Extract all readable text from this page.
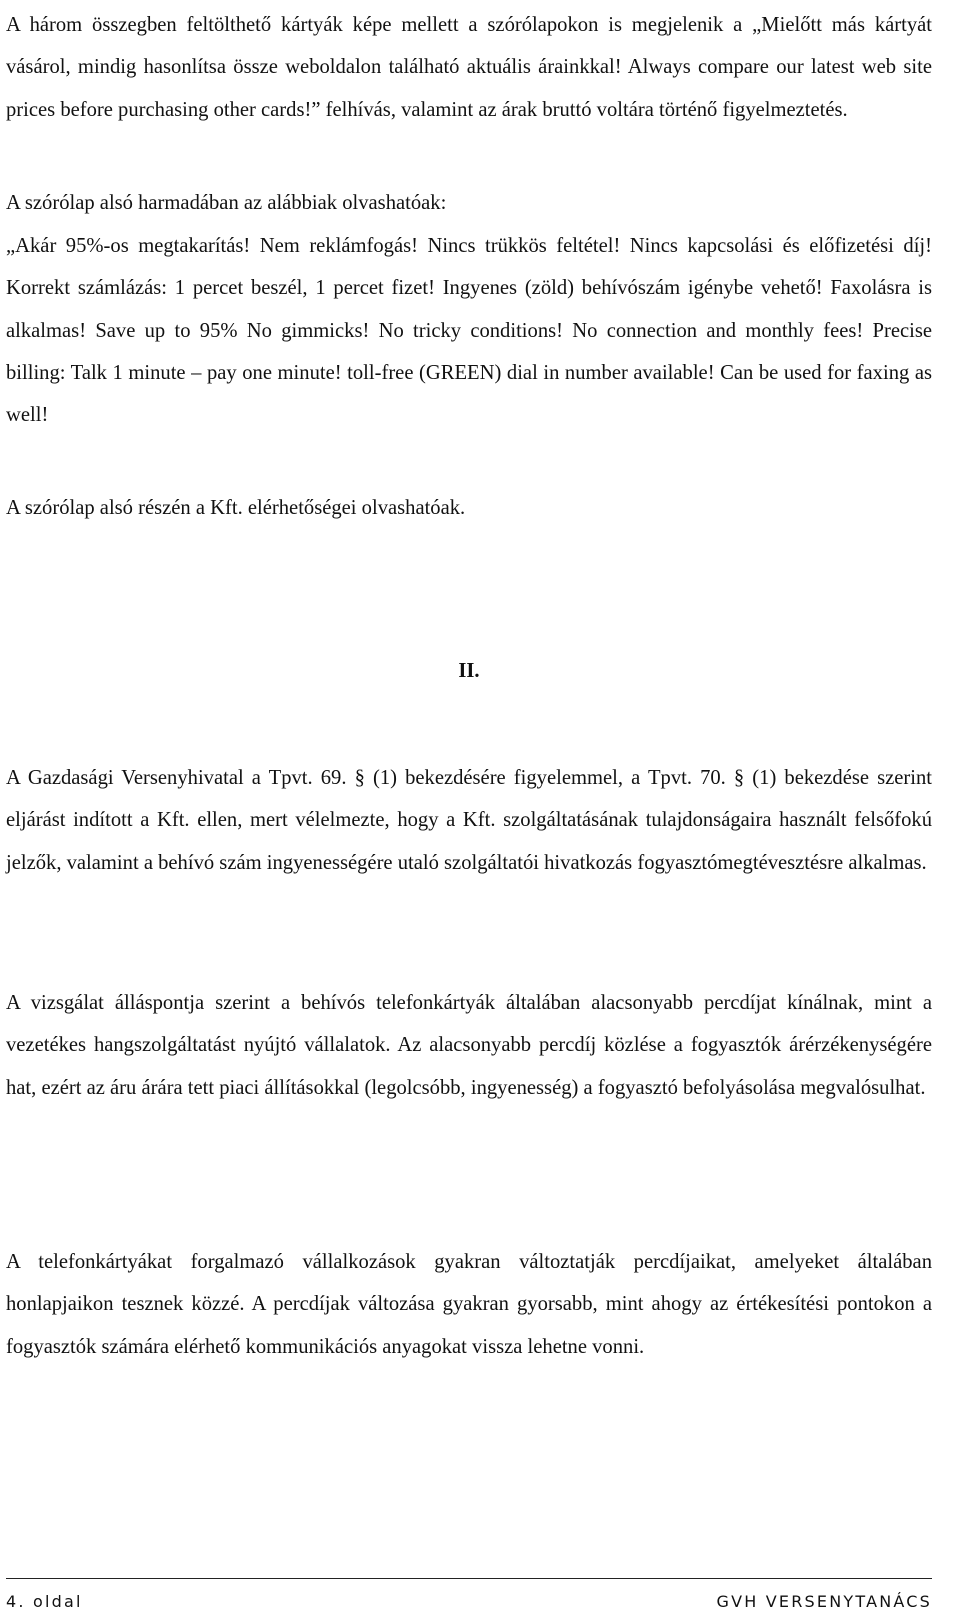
A három összegben feltölthető kártyák képe mellett a szórólapokon is megjelenik a „Mielőtt más kártyát vásárol, mindig hasonlítsa össze weboldalon található aktuális árainkkal! Always compare our latest web site prices before purchasing other cards!” felhívás, valamint az árak bruttó voltára történő figyelmeztetés.

A szórólap alsó harmadában az alábbiak olvashatóak:

„Akár 95%-os megtakarítás! Nem reklámfogás! Nincs trükkös feltétel! Nincs kapcsolási és előfizetési díj! Korrekt számlázás: 1 percet beszél, 1 percet fizet! Ingyenes (zöld) behívószám igénybe vehető! Faxolásra is alkalmas! Save up to 95% No gimmicks! No tricky conditions! No connection and monthly fees! Precise billing: Talk 1 minute – pay one minute! toll-free (GREEN) dial in number available! Can be used for faxing as well!

A szórólap alsó részén a Kft. elérhetőségei olvashatóak.

II.

A Gazdasági Versenyhivatal a Tpvt. 69. § (1) bekezdésére figyelemmel, a Tpvt. 70. § (1) bekezdése szerint eljárást indított a Kft. ellen, mert vélelmezte, hogy a Kft. szolgáltatásának tulajdonságaira használt felsőfokú jelzők, valamint a behívó szám ingyenességére utaló szolgáltatói hivatkozás fogyasztómegtévesztésre alkalmas.

A vizsgálat álláspontja szerint a behívós telefonkártyák általában alacsonyabb percdíjat kínálnak, mint a vezetékes hangszolgáltatást nyújtó vállalatok. Az alacsonyabb percdíj közlése a fogyasztók árérzékenységére hat, ezért az áru árára tett piaci állításokkal (legolcsóbb, ingyenesség) a fogyasztó befolyásolása megvalósulhat.

A telefonkártyákat forgalmazó vállalkozások gyakran változtatják percdíjaikat, amelyeket általában honlapjaikon tesznek közzé. A percdíjak változása gyakran gyorsabb, mint ahogy az értékesítési pontokon a fogyasztók számára elérhető kommunikációs anyagokat vissza lehetne vonni.

4. oldal	GVH VERSENYTANÁCS
